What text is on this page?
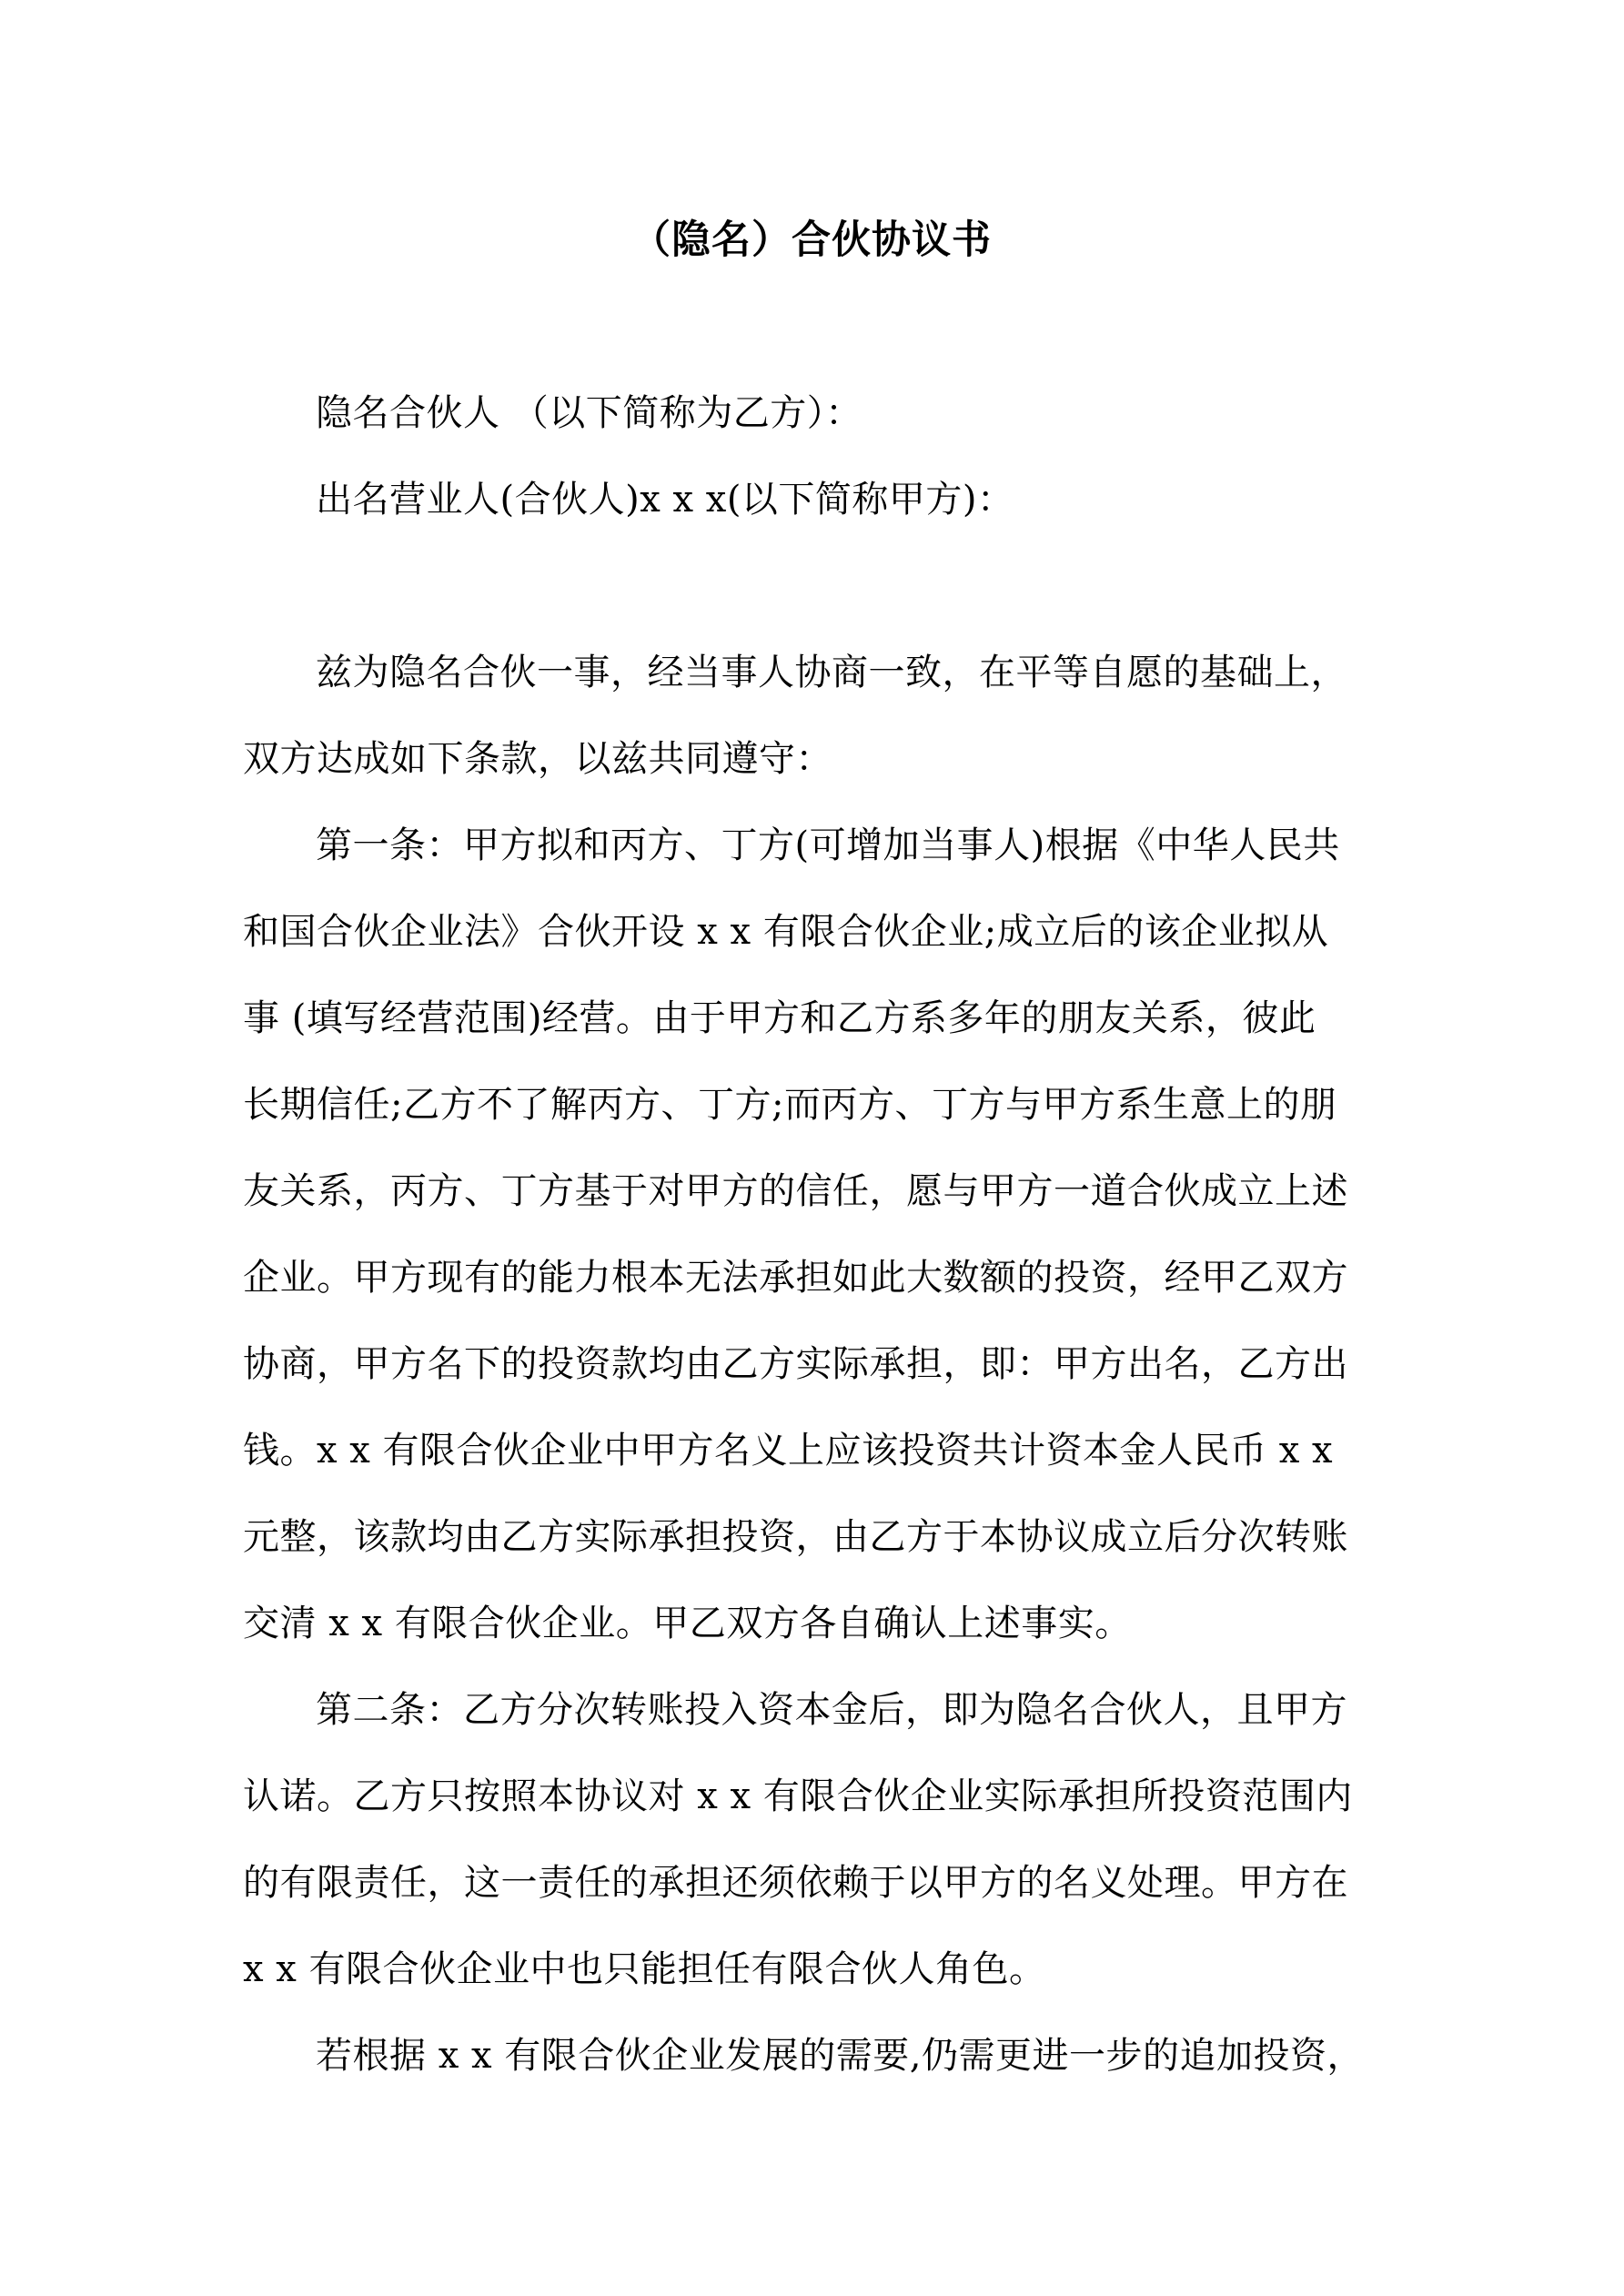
（隐名）合伙协议书
隐名合伙人 （以下简称为乙方）：
出名营业人(合伙人)x x x(以下简称甲方)：
兹为隐名合伙一事，经当事人协商一致，在平等自愿的基础上，
双方达成如下条款，以兹共同遵守：
第一条：甲方拟和丙方、丁方(可增加当事人)根据《中华人民共
和国合伙企业法》合伙开设 x x 有限合伙企业;成立后的该企业拟从
事 (填写经营范围)经营。由于甲方和乙方系多年的朋友关系，彼此
长期信任;乙方不了解丙方、丁方;而丙方、丁方与甲方系生意上的朋
友关系，丙方、丁方基于对甲方的信任，愿与甲方一道合伙成立上述
企业。甲方现有的能力根本无法承担如此大数额的投资，经甲乙双方
协商，甲方名下的投资款均由乙方实际承担，即：甲方出名，乙方出
钱。x x 有限合伙企业中甲方名义上应该投资共计资本金人民币 x x
元整，该款均由乙方实际承担投资，由乙方于本协议成立后分次转账
交清 x x 有限合伙企业。甲乙双方各自确认上述事实。
第二条：乙方分次转账投入资本金后，即为隐名合伙人，且甲方
认诺。乙方只按照本协议对 x x 有限合伙企业实际承担所投资范围内
的有限责任，这一责任的承担还须依赖于以甲方的名义处理。甲方在
x x 有限合伙企业中也只能担任有限合伙人角色。
若根据 x x 有限合伙企业发展的需要,仍需更进一步的追加投资，
